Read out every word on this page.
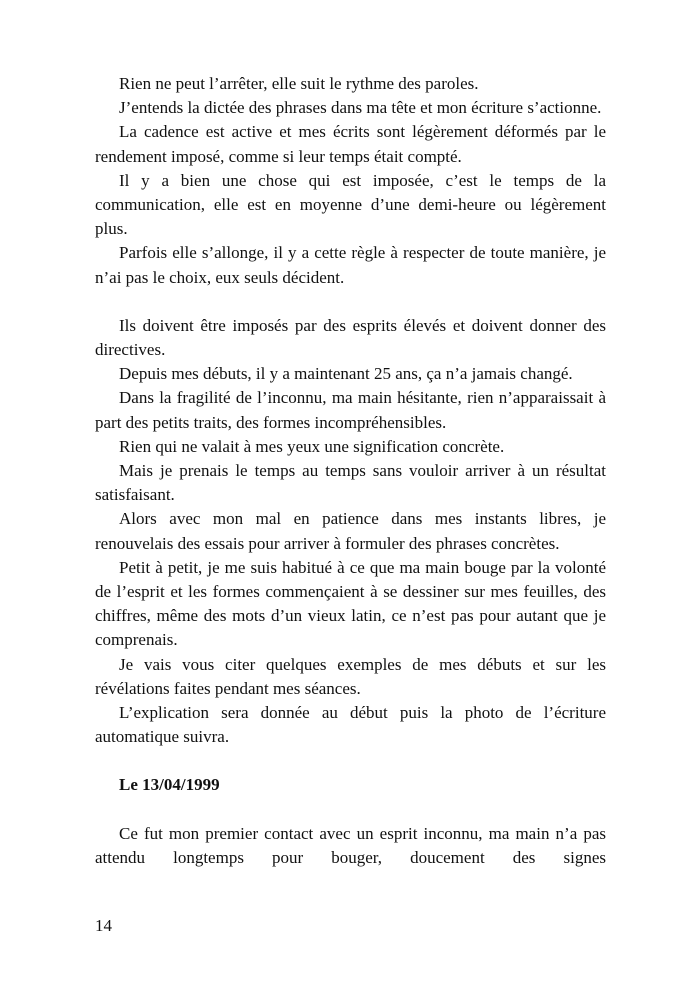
Rien ne peut l’arrêter, elle suit le rythme des paroles.

J’entends la dictée des phrases dans ma tête et mon écriture s’actionne.

La cadence est active et mes écrits sont légèrement déformés par le rendement imposé, comme si leur temps était compté.

Il y a bien une chose qui est imposée, c’est le temps de la communication, elle est en moyenne d’une demi-heure ou légèrement plus.

Parfois elle s’allonge, il y a cette règle à respecter de toute manière, je n’ai pas le choix, eux seuls décident.

Ils doivent être imposés par des esprits élevés et doivent donner des directives.

Depuis mes débuts, il y a maintenant 25 ans, ça n’a jamais changé.

Dans la fragilité de l’inconnu, ma main hésitante, rien n’apparaissait à part des petits traits, des formes incompréhensibles.

Rien qui ne valait à mes yeux une signification concrète.

Mais je prenais le temps au temps sans vouloir arriver à un résultat satisfaisant.

Alors avec mon mal en patience dans mes instants libres, je renouvelais des essais pour arriver à formuler des phrases concrètes.

Petit à petit, je me suis habitué à ce que ma main bouge par la volonté de l’esprit et les formes commençaient à se dessiner sur mes feuilles, des chiffres, même des mots d’un vieux latin, ce n’est pas pour autant que je comprenais.

Je vais vous citer quelques exemples de mes débuts et sur les révélations faites pendant mes séances.

L’explication sera donnée au début puis la photo de l’écriture automatique suivra.

Le 13/04/1999

Ce fut mon premier contact avec un esprit inconnu, ma main n’a pas attendu longtemps pour bouger, doucement des signes

14
